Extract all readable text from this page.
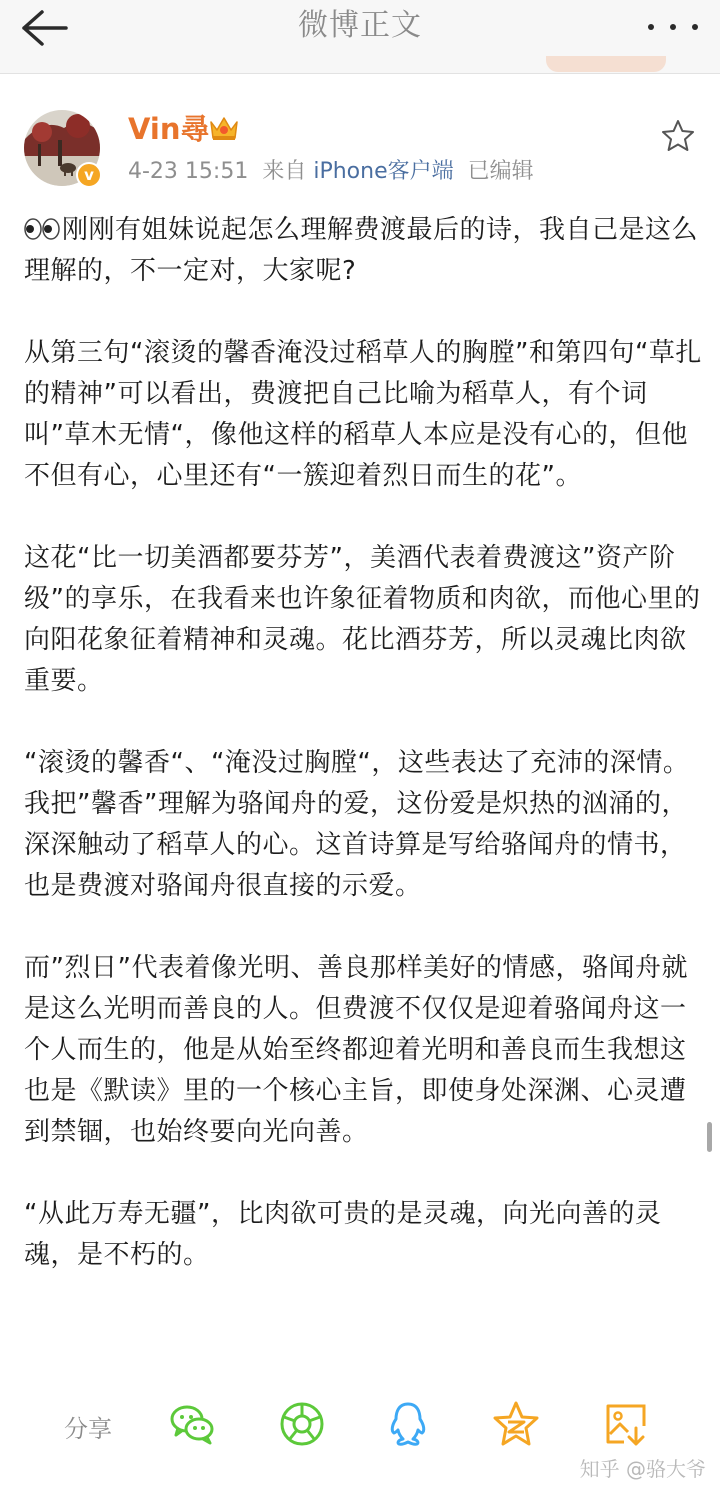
微博正文
v
Vin尋
4-23 15:51 来自 iPhone客户端 已编辑

刚刚有姐妹说起怎么理解费渡最后的诗，我自己是这么理解的，不一定对，大家呢?

从第三句“滚烫的馨香淹没过稻草人的胸膛”和第四句“草扎的精神”可以看出，费渡把自己比喻为稻草人，有个词叫”草木无情“，像他这样的稻草人本应是没有心的，但他不但有心，心里还有“一簇迎着烈日而生的花”。

这花“比一切美酒都要芬芳”，美酒代表着费渡这”资产阶级”的享乐，在我看来也许象征着物质和肉欲，而他心里的向阳花象征着精神和灵魂。花比酒芬芳，所以灵魂比肉欲重要。

“滚烫的馨香“、“淹没过胸膛“，这些表达了充沛的深情。我把”馨香”理解为骆闻舟的爱，这份爱是炽热的汹涌的，深深触动了稻草人的心。这首诗算是写给骆闻舟的情书，也是费渡对骆闻舟很直接的示爱。

而”烈日”代表着像光明、善良那样美好的情感，骆闻舟就是这么光明而善良的人。但费渡不仅仅是迎着骆闻舟这一个人而生的，他是从始至终都迎着光明和善良而生我想这也是《默读》里的一个核心主旨，即使身处深渊、心灵遭到禁锢，也始终要向光向善。

“从此万寿无疆”，比肉欲可贵的是灵魂，向光向善的灵魂，是不朽的。

分享
知乎 @骆大爷
